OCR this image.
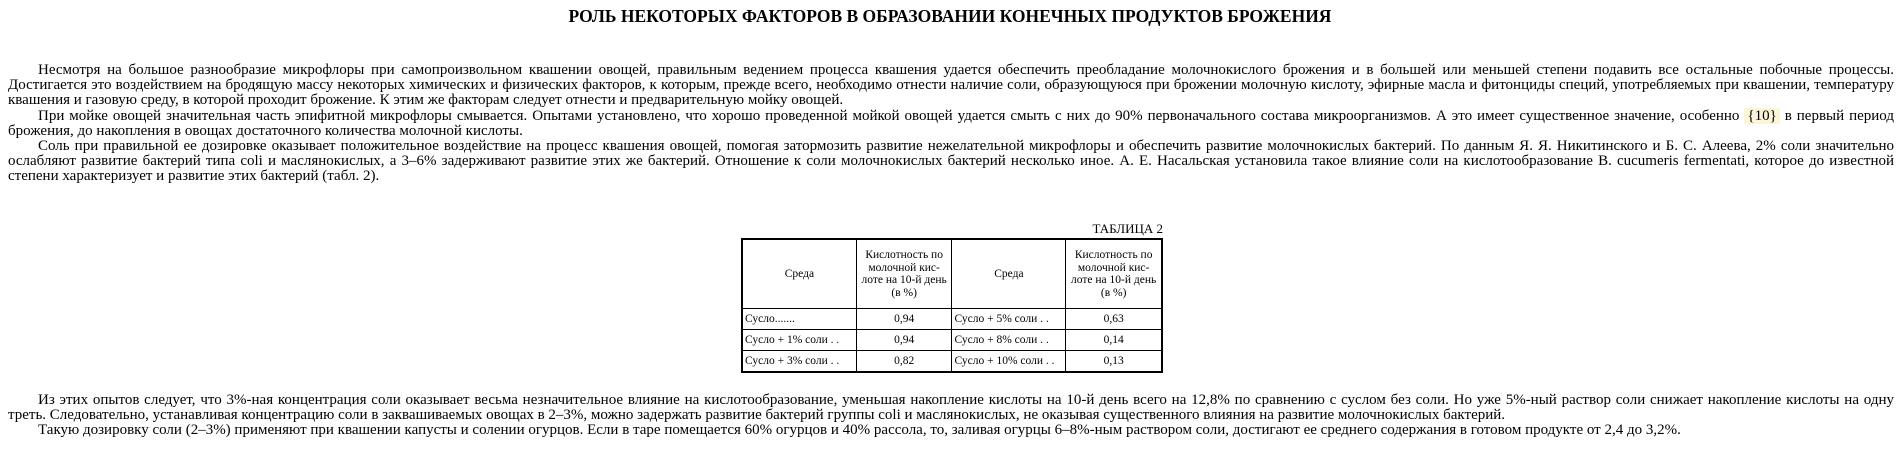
РОЛЬ НЕКОТОРЫХ ФАКТОРОВ В ОБРАЗОВАНИИ КОНЕЧНЫХ ПРОДУКТОВ БРОЖЕНИЯ

Несмотря на большое разнообразие микрофлоры при самопроизвольном квашении овощей, правильным ведением процесса квашения удается обеспечить преобладание молочнокислого брожения и в большей или меньшей степени подавить все остальные побочные процессы. Достигается это воздействием на бродящую массу некоторых химических и физических факторов, к которым, прежде всего, необходимо отнести наличие соли, образующуюся при брожении молочную кислоту, эфирные масла и фитонциды специй, употребляемых при квашении, температуру квашения и газовую среду, в которой проходит брожение. К этим же факторам следует отнести и предварительную мойку овощей.

При мойке овощей значительная часть эпифитной микрофлоры смывается. Опытами установлено, что хорошо проведенной мойкой овощей удается смыть с них до 90% первоначального состава микроорганизмов. А это имеет существенное значение, особенно {10} в первый период брожения, до накопления в овощах достаточного количества молочной кислоты.

Соль при правильной ее дозировке оказывает положительное воздействие на процесс квашения овощей, помогая затормозить развитие нежелательной микрофлоры и обеспечить развитие молочнокислых бактерий. По данным Я. Я. Никитинского и Б. С. Алеева, 2% соли значительно ослабляют развитие бактерий типа coli и маслянокислых, а 3–6% задерживают развитие этих же бактерий. Отношение к соли молочнокислых бактерий несколько иное. А. Е. Насальская установила такое влияние соли на кислотообразование B. cucumeris fermentati, которое до известной степени характеризует и развитие этих бактерий (табл. 2).

ТАБЛИЦА 2
Среда	Кислотность по молочной кис-лоте на 10-й день (в %)	Среда	Кислотность по молочной кис-лоте на 10-й день (в %)
Сусло.......	0,94	Сусло + 5% соли . .	0,63
Сусло + 1% соли . .	0,94	Сусло + 8% соли . .	0,14
Сусло + 3% соли . .	0,82	Сусло + 10% соли . .	0,13

Из этих опытов следует, что 3%-ная концентрация соли оказывает весьма незначительное влияние на кислотообразование, уменьшая накопление кислоты на 10-й день всего на 12,8% по сравнению с суслом без соли. Но уже 5%-ный раствор соли снижает накопление кислоты на одну треть. Следовательно, устанавливая концентрацию соли в заквашиваемых овощах в 2–3%, можно задержать развитие бактерий группы coli и маслянокислых, не оказывая существенного влияния на развитие молочнокислых бактерий.

Такую дозировку соли (2–3%) применяют при квашении капусты и солении огурцов. Если в таре помещается 60% огурцов и 40% рассола, то, заливая огурцы 6–8%-ным раствором соли, достигают ее среднего содержания в готовом продукте от 2,4 до 3,2%.
